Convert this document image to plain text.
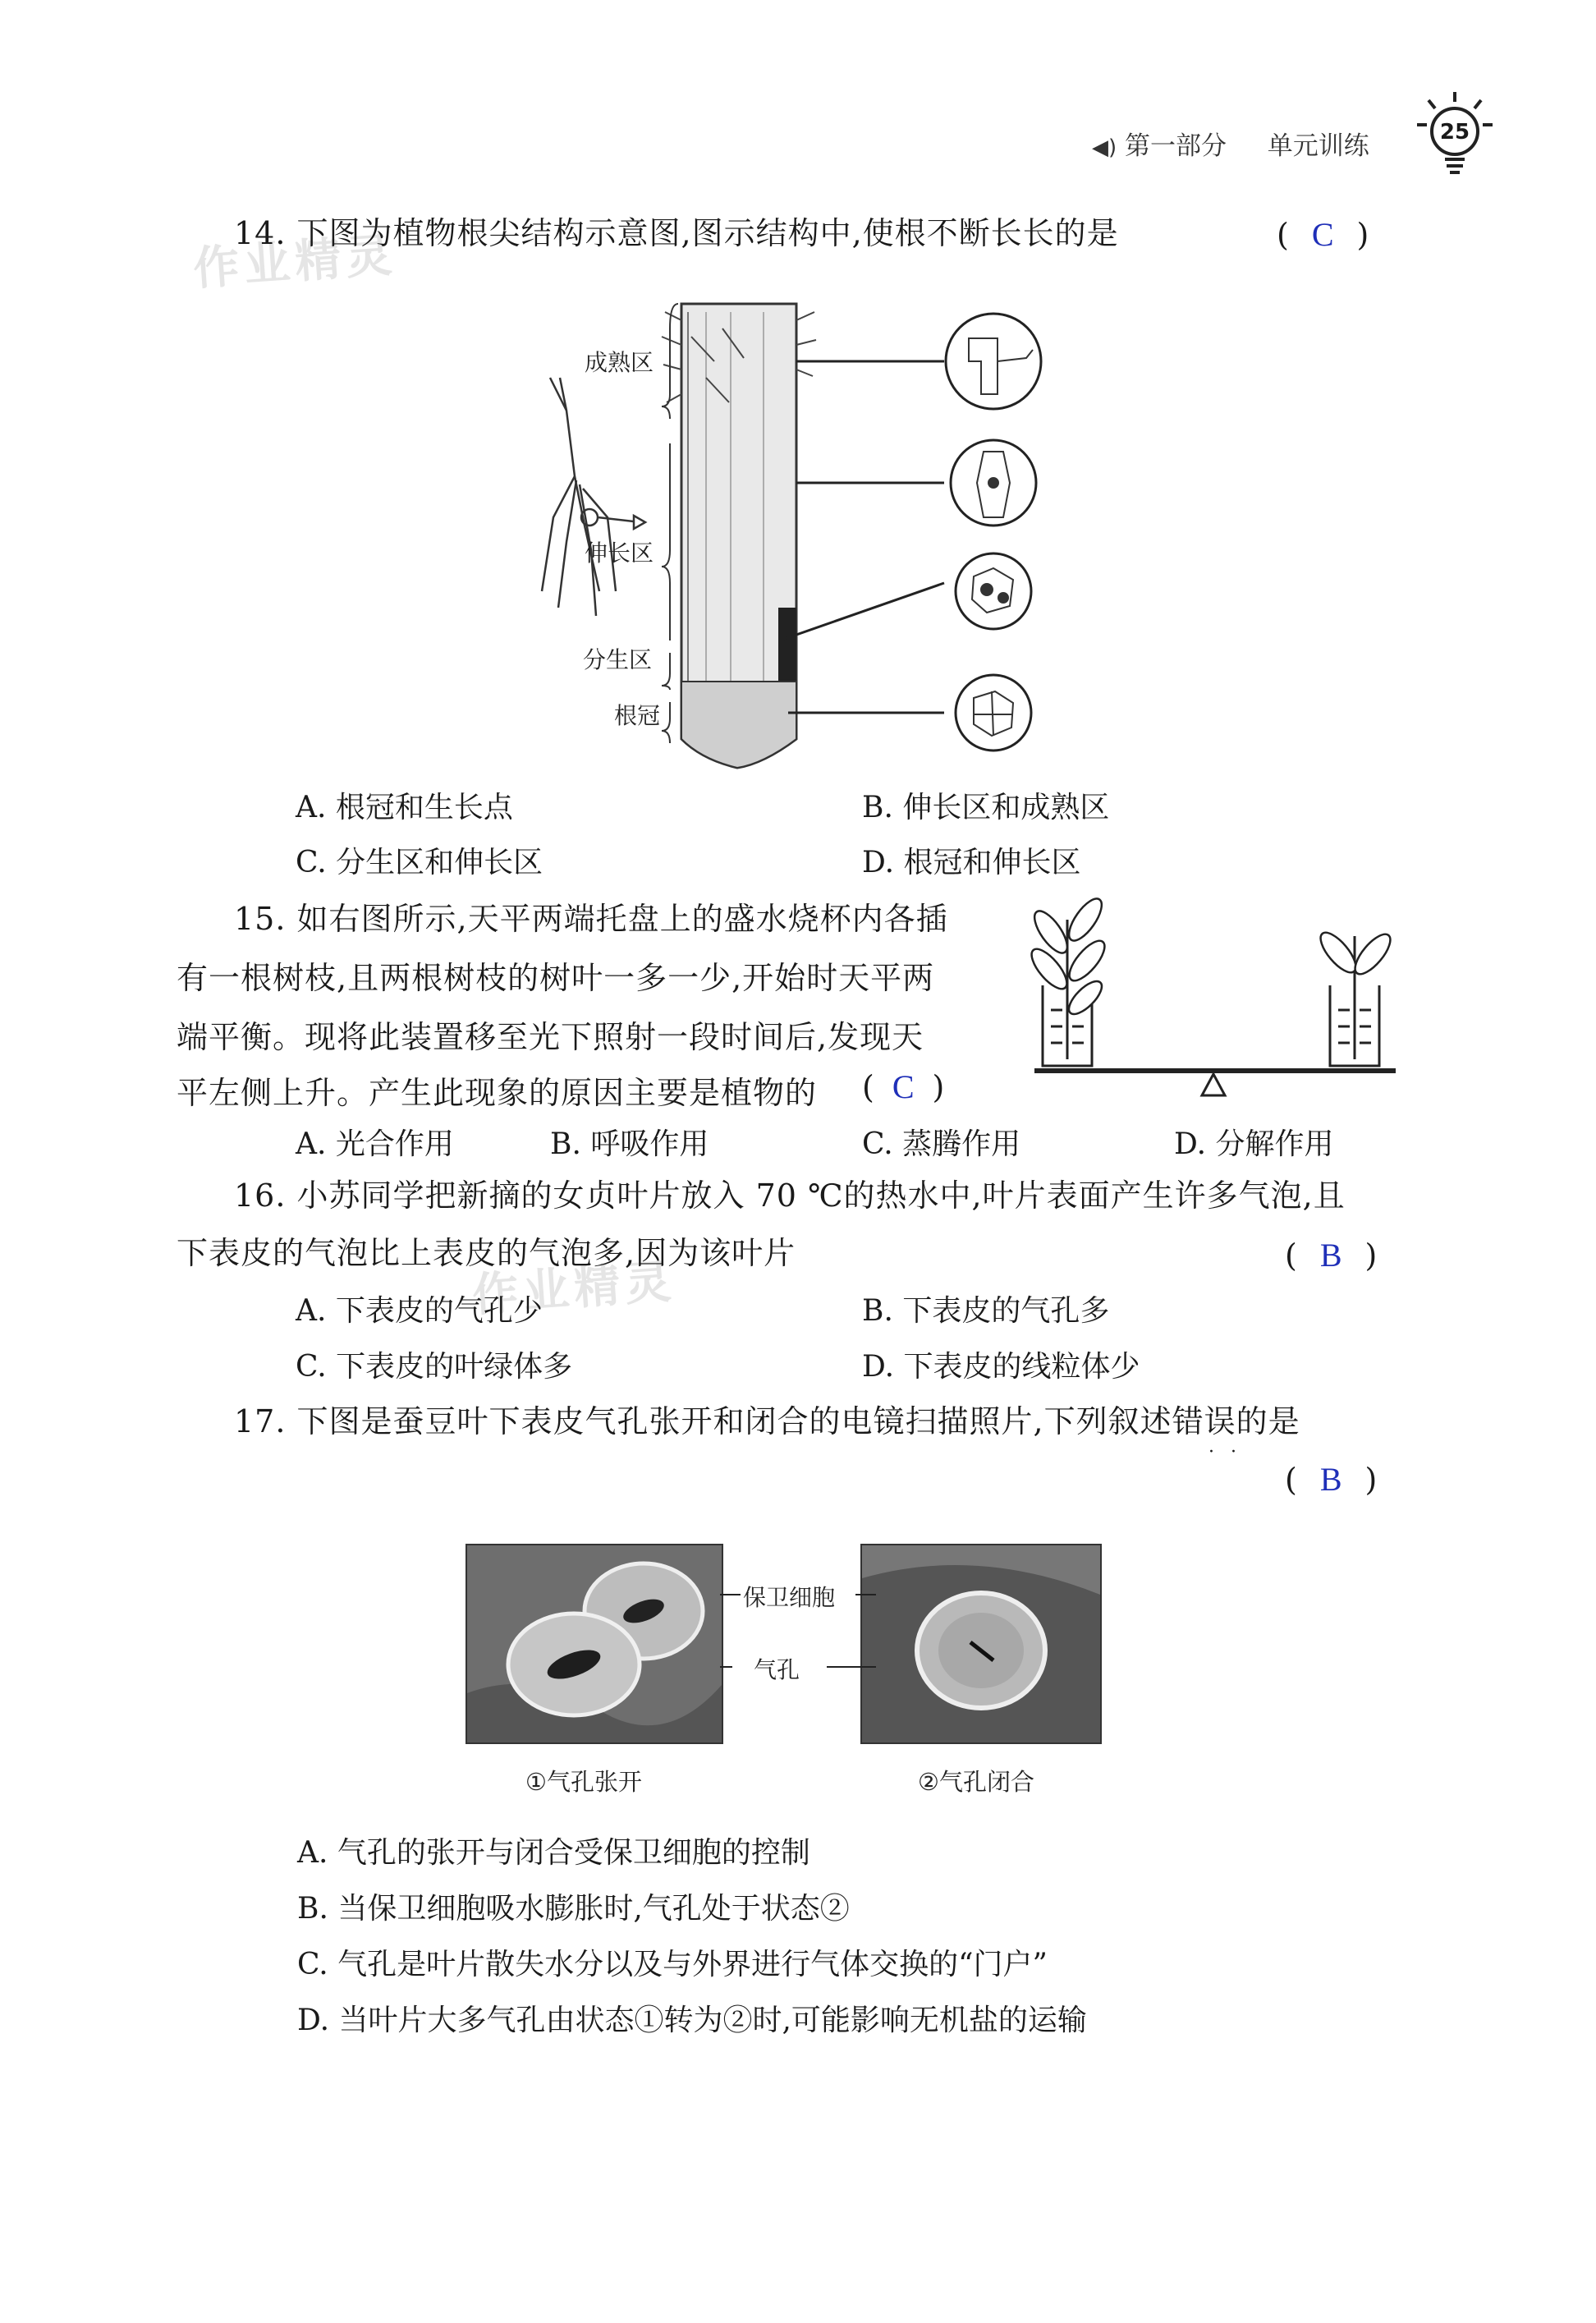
◀︎) 第一部分 单元训练	25
作业精灵
作业精灵
14. 下图为植物根尖结构示意图,图示结构中,使根不断长长的是	( C )
成熟区
伸长区
分生区
根冠
A. 根冠和生长点	B. 伸长区和成熟区
C. 分生区和伸长区	D. 根冠和伸长区
15. 如右图所示,天平两端托盘上的盛水烧杯内各插
有一根树枝,且两根树枝的树叶一多一少,开始时天平两
端平衡。现将此装置移至光下照射一段时间后,发现天
平左侧上升。产生此现象的原因主要是植物的 ( C )
A. 光合作用	B. 呼吸作用	C. 蒸腾作用	D. 分解作用
16. 小苏同学把新摘的女贞叶片放入 70 ℃的热水中,叶片表面产生许多气泡,且
下表皮的气泡比上表皮的气泡多,因为该叶片	( B )
A. 下表皮的气孔少	B. 下表皮的气孔多
C. 下表皮的叶绿体多	D. 下表皮的线粒体少
17. 下图是蚕豆叶下表皮气孔张开和闭合的电镜扫描照片,下列叙述错误的是
··
( B )
保卫细胞
气孔
①气孔张开	②气孔闭合
A. 气孔的张开与闭合受保卫细胞的控制
B. 当保卫细胞吸水膨胀时,气孔处于状态②
C. 气孔是叶片散失水分以及与外界进行气体交换的“门户”
D. 当叶片大多气孔由状态①转为②时,可能影响无机盐的运输
